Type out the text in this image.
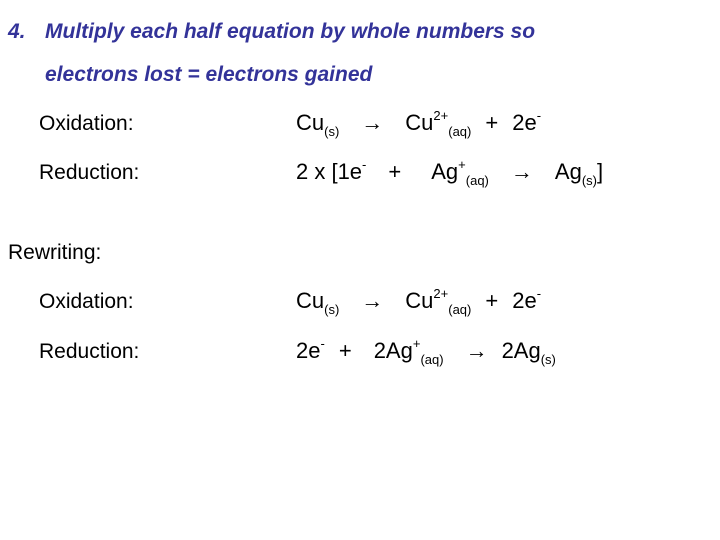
4. Multiply each half equation by whole numbers so
electrons lost = electrons gained
Oxidation:	$Cu_{(s)} \to Cu^{2+}_{(aq)} + 2e^-$
Reduction:	2 x $[1e^- + Ag^+_{(aq)} \to Ag_{(s)}]$
Rewriting:
Oxidation:	$Cu_{(s)} \to Cu^{2+}_{(aq)} + 2e^-$
Reduction:	$2e^- + 2Ag^+_{(aq)} \to 2Ag_{(s)}$
